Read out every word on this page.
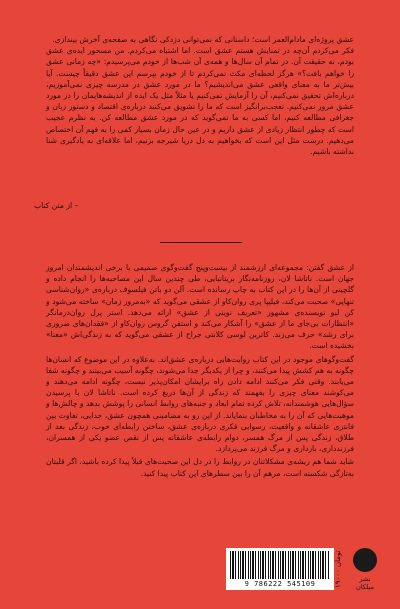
عشق پروژه‌ای مادام‌العمر است؛ داستانی که نمی‌توانی دزدکی نگاهی به صفحه‌ی آخرش بیندازی.

فکر می‌کردم آن‌چه در تمنایش هستم عشق است. اما اشتباه می‌کردم. من مسحور ایده‌ی عشق بودم، نه حقیقت آن. در تمام آن سال‌ها و همه‌ی آن شب‌ها از خودم می‌پرسیدم: «چه زمانی عشق را خواهم یافت؟» هرگز لحظه‌ای مکث نمی‌کردم تا از خودم بپرسم این عشق دقیقاً چیست. آیا بیش‌تر ما به معنای واقعی عشق می‌اندیشیم؟ ما در مورد عشق در مدرسه چیزی نمی‌آموزیم، درباره‌اش تحقیق نمی‌کنیم، آن را آزمایش نمی‌کنیم یا مثلاً مثل یک ایده از اندیشه‌هایمان را در مورد عشق مرور نمی‌کنیم. تعجب‌برانگیز است که ما را تشویق می‌کنند درباره‌ی اقتصاد و دستور زبان و جغرافی مطالعه کنیم، اما کسی به ما نمی‌گوید که در مورد عشق مطالعه کن. به نظرم عجیب است که چطور انتظار زیادی از عشق داریم و در عین حال زمان بسیار کمی را به فهم آن اختصاص می‌دهیم. درست مثل این است که بخواهیم به دل دریا شیرجه بزنیم، اما علاقه‌ای به یادگیری شنا نداشته باشیم.

– از متن کتاب

از عشق گفتن: مجموعه‌ای ارزشمند از بیست‌وپنج گفت‌وگوی صمیمی با برخی اندیشمندان امروز جهان است. ناتاشا لان، روزنامه‌نگار بریتانیایی، طی چندین سال این مصاحبه‌ها را انجام داده و گلچینی از آن‌ها را در این کتاب به چاپ رسانده است. آلن دو باتن فیلسوف درباره‌ی «روان‌شناسی تنهایی» صحبت می‌کند، فیلیپا پری روان‌کاو از عشقی می‌گوید که «به‌مرور زمان» ساخته می‌شود و کن لیو نویسنده‌ی مشهور «تعریف نوینی از عشق» ارائه می‌دهد. استر پرل روان‌درمانگر «انتظارات بی‌جای ما از عشق» را آشکار می‌کند و استفن گروس روان‌کاو از «فقدان‌های ضروری برای رشد» حرف می‌زند. کاترین لوسی کلانتی جراح از عشقی می‌گوید که به زندگی‌اش «معنا» بخشیده است.

گفت‌وگوهای موجود در این کتاب روایت‌هایی درباره‌ی عشق‌اند. به‌علاوه در این موضوع که انسان‌ها چگونه به هم کشش پیدا می‌کنند، و چرا از یکدیگر جدا می‌شوند، چگونه آسیب می‌بینند و چگونه شفا می‌یابند. وقتی فکر می‌کنند ادامه دادن راه برایشان امکان‌پذیر نیست، چگونه ادامه می‌دهند و می‌کوشند معنای چیزی را بفهمند که زندگی از آن‌ها دریغ کرده است. ناتاشا لان با پرسیدن سؤال‌هایی هوشمندانه، تلاش کرده تمام ابعاد و جنبه‌های روابط انسانی را پوشش بدهد و چالش‌ها و موهبت‌هایی که آن را به مخاطبان بنمایاند. از این رو به مضامینی همچون عشق، جدایی، تفاوت بین فانتزی عاشقانه و واقعیت، رسوایی فکری درباره‌ی عشق، ساختن رابطه‌ای خوب، زندگی بعد از طلاق، زندگی پس از مرگ همسر، دوام رابطه‌ی عاشقانه پس از نقص عضو یکی از همسران، فرزندداری، بارداری و مرگ فرزند می‌پردازد.

شاید شما هم ریشه‌ی مشکلاتتان در روابط را در دل این صحبت‌های قبلاً پیدا کرده باشید، اگر قلبتان به‌تازگی شکسته است، مرهم آن را بین سطرهای این کتاب پیدا کنید.

9 786222 545109	۱۹۰۰۰ تومان
نشر میلکان
